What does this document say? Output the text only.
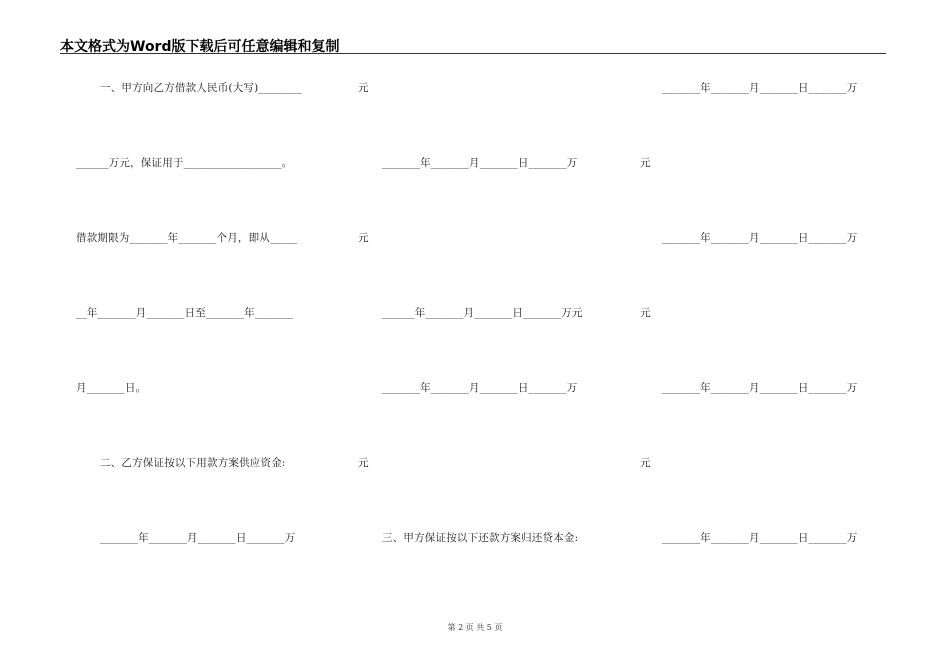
本文格式为Word版下载后可任意编辑和复制
一、甲方向乙方借款人民币(大写)________
______万元，保证用于__________________。
借款期限为_______年_______个月，即从_____
__年_______月_______日至_______年_______
月_______日。
二、乙方保证按以下用款方案供应资金:
_______年_______月_______日_______万
元
元
元
_______年_______月_______日_______万
______年_______月_______日_______万元
_______年_______月_______日_______万
三、甲方保证按以下还款方案归还贷本金:
元
元
元
_______年_______月_______日_______万
_______年_______月_______日_______万
_______年_______月_______日_______万
_______年_______月_______日_______万
第 2 页 共 5 页
